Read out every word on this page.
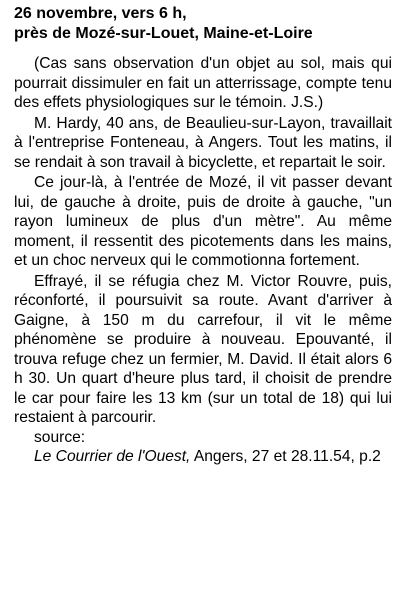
26 novembre, vers 6 h,
près de Mozé-sur-Louet, Maine-et-Loire

(Cas sans observation d'un objet au sol, mais qui pourrait dissimuler en fait un atterrissage, compte tenu des effets physiologiques sur le témoin. J.S.)

M. Hardy, 40 ans, de Beaulieu-sur-Layon, travaillait à l'entreprise Fonteneau, à Angers. Tout les matins, il se rendait à son travail à bicyclette, et repartait le soir.

Ce jour-là, à l'entrée de Mozé, il vit passer devant lui, de gauche à droite, puis de droite à gauche, "un rayon lumineux de plus d'un mètre". Au même moment, il ressentit des picotements dans les mains, et un choc nerveux qui le commotionna fortement.

Effrayé, il se réfugia chez M. Victor Rouvre, puis, réconforté, il poursuivit sa route. Avant d'arriver à Gaigne, à 150 m du carrefour, il vit le même phénomène se produire à nouveau. Epouvanté, il trouva refuge chez un fermier, M. David. Il était alors 6 h 30. Un quart d'heure plus tard, il choisit de prendre le car pour faire les 13 km (sur un total de 18) qui lui restaient à parcourir.

source:

Le Courrier de l'Ouest, Angers, 27 et 28.11.54, p.2
